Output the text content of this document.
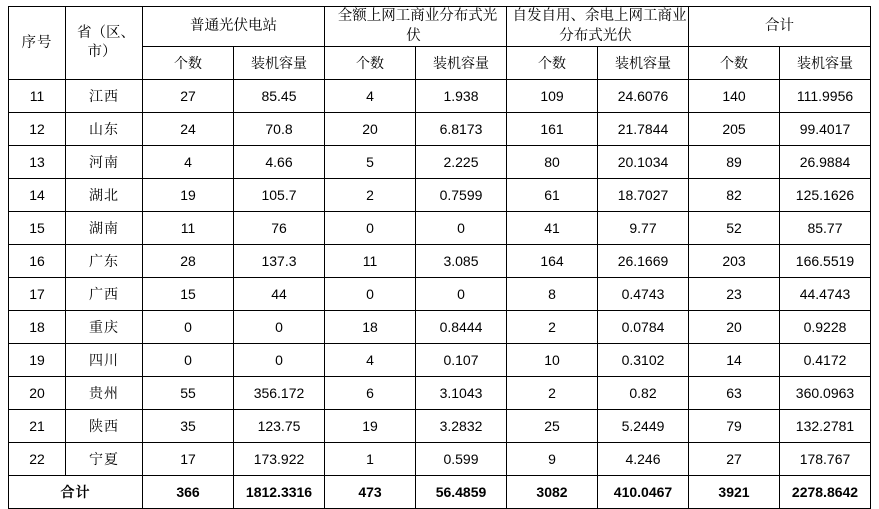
序号	省（区、市）	普通光伏电站		全额上网工商业分布式光伏		自发自用、余电上网工商业分布式光伏		合计	
		个数	装机容量	个数	装机容量	个数	装机容量	个数	装机容量
11	江西	27	85.45	4	1.938	109	24.6076	140	111.9956
12	山东	24	70.8	20	6.8173	161	21.7844	205	99.4017
13	河南	4	4.66	5	2.225	80	20.1034	89	26.9884
14	湖北	19	105.7	2	0.7599	61	18.7027	82	125.1626
15	湖南	11	76	0	0	41	9.77	52	85.77
16	广东	28	137.3	11	3.085	164	26.1669	203	166.5519
17	广西	15	44	0	0	8	0.4743	23	44.4743
18	重庆	0	0	18	0.8444	2	0.0784	20	0.9228
19	四川	0	0	4	0.107	10	0.3102	14	0.4172
20	贵州	55	356.172	6	3.1043	2	0.82	63	360.0963
21	陕西	35	123.75	19	3.2832	25	5.2449	79	132.2781
22	宁夏	17	173.922	1	0.599	9	4.246	27	178.767
合计		366	1812.3316	473	56.4859	3082	410.0467	3921	2278.8642
